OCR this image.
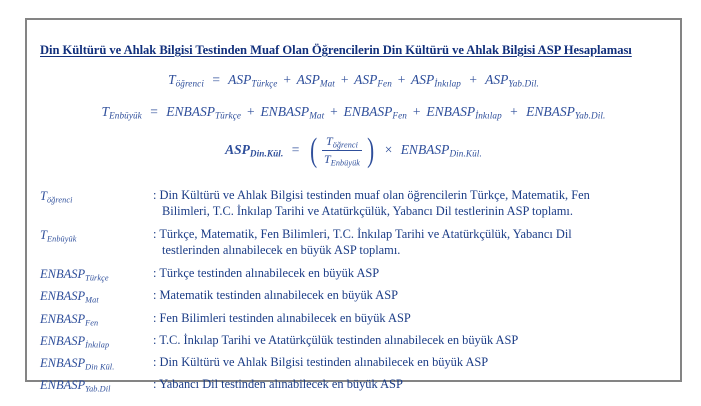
Din Kültürü ve Ahlak Bilgisi Testinden Muaf Olan Öğrencilerin Din Kültürü ve Ahlak Bilgisi ASP Hesaplaması
Töğrenci = ASPTürkçe + ASPMat + ASPFen + ASPİnkılap + ASPYab.Dil.
TEnbüyük = ENBASPTürkçe + ENBASPMat + ENBASPFen + ENBASPİnkılap + ENBASPYab.Dil.
ASPDin.Kül. = ( $\frac{\text{Töğrenci}}{\text{TEnbüyük}}$ ) × ENBASPDin.Kül.
Töğrenci	: Din Kültürü ve Ahlak Bilgisi testinden muaf olan öğrencilerin Türkçe, Matematik, Fen
Bilimleri, T.C. İnkılap Tarihi ve Atatürkçülük, Yabancı Dil testlerinin ASP toplamı.
TEnbüyük	: Türkçe, Matematik, Fen Bilimleri, T.C. İnkılap Tarihi ve Atatürkçülük, Yabancı Dil
testlerinden alınabilecek en büyük ASP toplamı.
ENBASPTürkçe	: Türkçe testinden alınabilecek en büyük ASP
ENBASPMat	: Matematik testinden alınabilecek en büyük ASP
ENBASPFen	: Fen Bilimleri testinden alınabilecek en büyük ASP
ENBASPİnkılap	: T.C. İnkılap Tarihi ve Atatürkçülük testinden alınabilecek en büyük ASP
ENBASPDin Kül.	: Din Kültürü ve Ahlak Bilgisi testinden alınabilecek en büyük ASP
ENBASPYab.Dil	: Yabancı Dil testinden alınabilecek en büyük ASP
